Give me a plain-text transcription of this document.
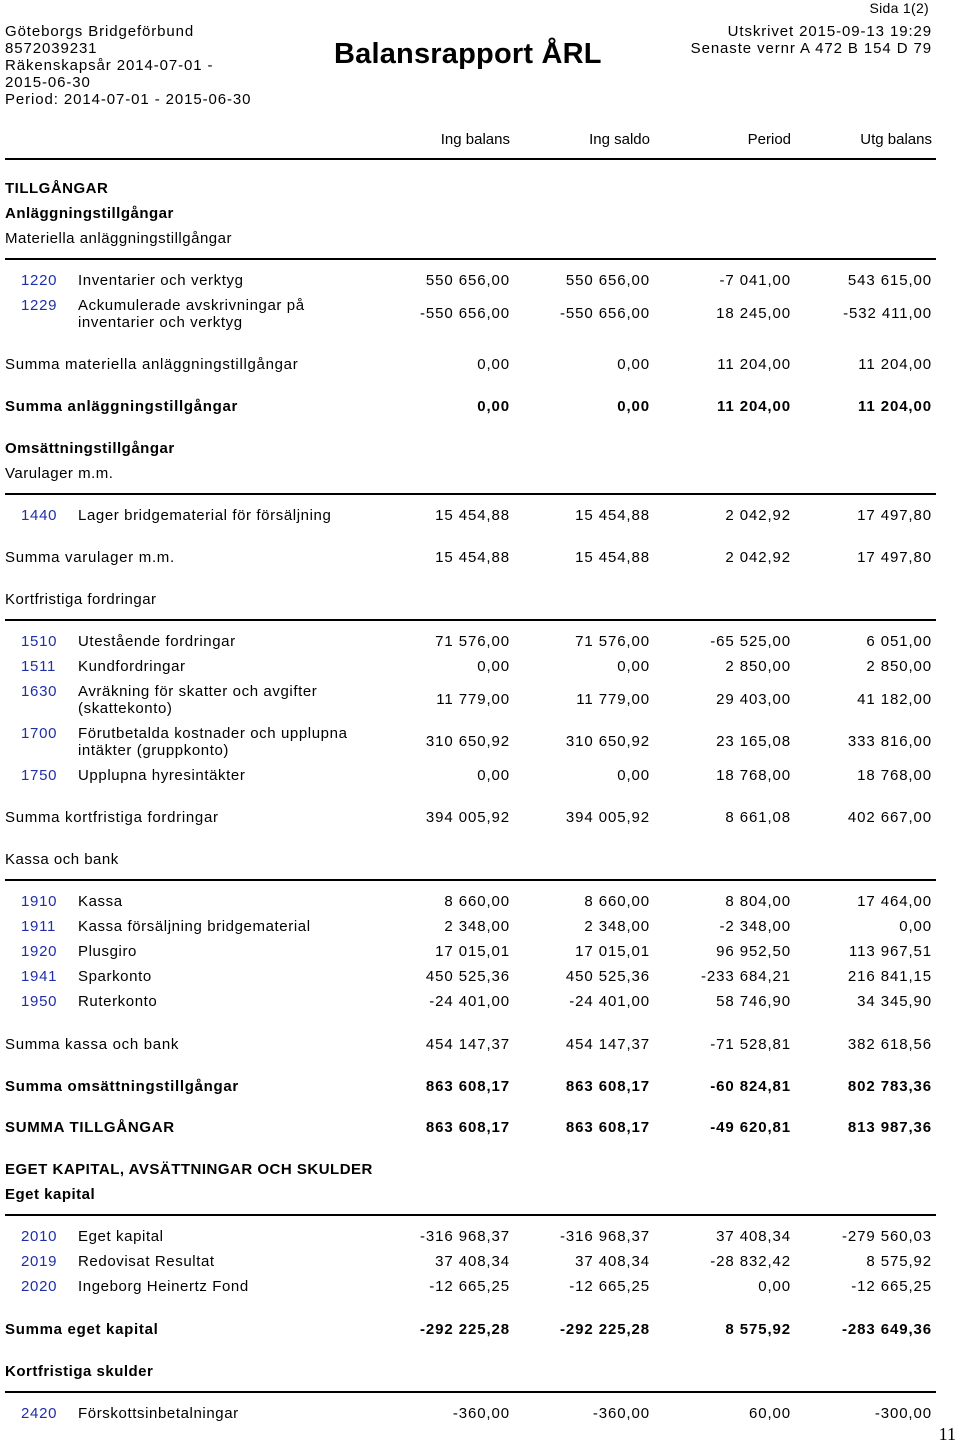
Sida 1(2)
Göteborgs Bridgeförbund
8572039231
Räkenskapsår 2014-07-01 -
2015-06-30
Period: 2014-07-01 - 2015-06-30
Balansrapport ÅRL
Utskrivet 2015-09-13 19:29
Senaste vernr A 472 B 154 D 79
Ing balans	Ing saldo	Period	Utg balans
TILLGÅNGAR
Anläggningstillgångar
Materiella anläggningstillgångar
1220 Inventarier och verktyg	550 656,00	550 656,00	-7 041,00	543 615,00
1229 Ackumulerade avskrivningar på
inventarier och verktyg
-550 656,00	-550 656,00	18 245,00	-532 411,00
Summa materiella anläggningstillgångar	0,00	0,00	11 204,00	11 204,00
Summa anläggningstillgångar	0,00	0,00	11 204,00	11 204,00
Omsättningstillgångar
Varulager m.m.
1440 Lager bridgematerial för försäljning	15 454,88	15 454,88	2 042,92	17 497,80
Summa varulager m.m.	15 454,88	15 454,88	2 042,92	17 497,80
Kortfristiga fordringar
1510 Utestående fordringar	71 576,00	71 576,00	-65 525,00	6 051,00
1511 Kundfordringar	0,00	0,00	2 850,00	2 850,00
1630 Avräkning för skatter och avgifter
(skattekonto)
11 779,00	11 779,00	29 403,00	41 182,00
1700 Förutbetalda kostnader och upplupna
intäkter (gruppkonto)
310 650,92	310 650,92	23 165,08	333 816,00
1750 Upplupna hyresintäkter	0,00	0,00	18 768,00	18 768,00
Summa kortfristiga fordringar	394 005,92	394 005,92	8 661,08	402 667,00
Kassa och bank
1910 Kassa	8 660,00	8 660,00	8 804,00	17 464,00
1911 Kassa försäljning bridgematerial	2 348,00	2 348,00	-2 348,00	0,00
1920 Plusgiro	17 015,01	17 015,01	96 952,50	113 967,51
1941 Sparkonto	450 525,36	450 525,36	-233 684,21	216 841,15
1950 Ruterkonto	-24 401,00	-24 401,00	58 746,90	34 345,90
Summa kassa och bank	454 147,37	454 147,37	-71 528,81	382 618,56
Summa omsättningstillgångar	863 608,17	863 608,17	-60 824,81	802 783,36
SUMMA TILLGÅNGAR	863 608,17	863 608,17	-49 620,81	813 987,36
EGET KAPITAL, AVSÄTTNINGAR OCH SKULDER
Eget kapital
2010 Eget kapital	-316 968,37	-316 968,37	37 408,34	-279 560,03
2019 Redovisat Resultat	37 408,34	37 408,34	-28 832,42	8 575,92
2020 Ingeborg Heinertz Fond	-12 665,25	-12 665,25	0,00	-12 665,25
Summa eget kapital	-292 225,28	-292 225,28	8 575,92	-283 649,36
Kortfristiga skulder
2420 Förskottsinbetalningar	-360,00	-360,00	60,00	-300,00
11
